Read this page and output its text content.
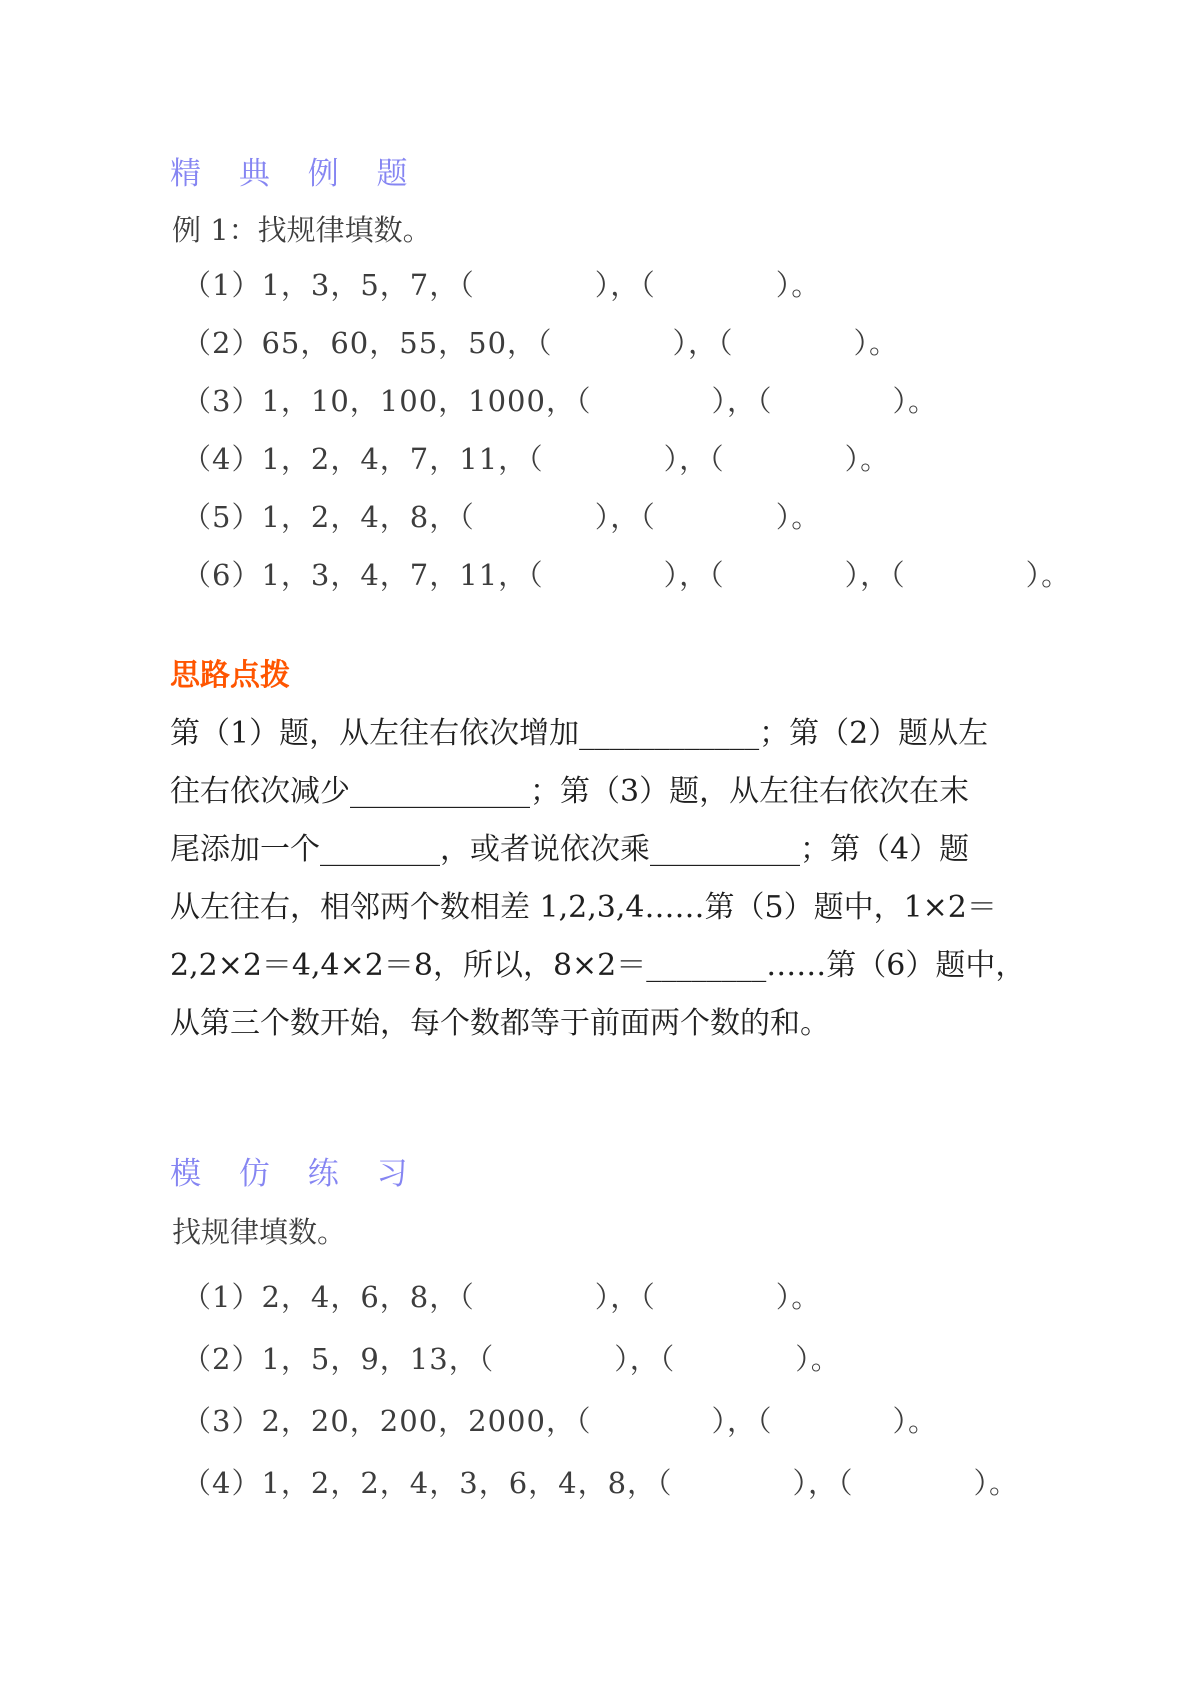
精 典 例 题
例 1：找规律填数。
（1）1，3，5，7，（　　　　），（　　　　）。
（2）65，60，55，50，（　　　　），（　　　　）。
（3）1，10，100，1000，（　　　　），（　　　　）。
（4）1，2，4，7，11，（　　　　），（　　　　）。
（5）1，2，4，8，（　　　　），（　　　　）。
（6）1，3，4，7，11，（　　　　），（　　　　），（　　　　）。
思路点拨
第（1）题，从左往右依次增加____________；第（2）题从左
往右依次减少____________；第（3）题，从左往右依次在末
尾添加一个________，或者说依次乘__________；第（4）题
从左往右，相邻两个数相差 1,2,3,4……第（5）题中，1×2＝
2,2×2＝4,4×2＝8，所以，8×2＝________……第（6）题中，
从第三个数开始，每个数都等于前面两个数的和。
模 仿 练 习
找规律填数。
（1）2，4，6，8，（　　　　），（　　　　）。
（2）1，5，9，13，（　　　　），（　　　　）。
（3）2，20，200，2000，（　　　　），（　　　　）。
（4）1，2，2，4，3，6，4，8，（　　　　），（　　　　）。
